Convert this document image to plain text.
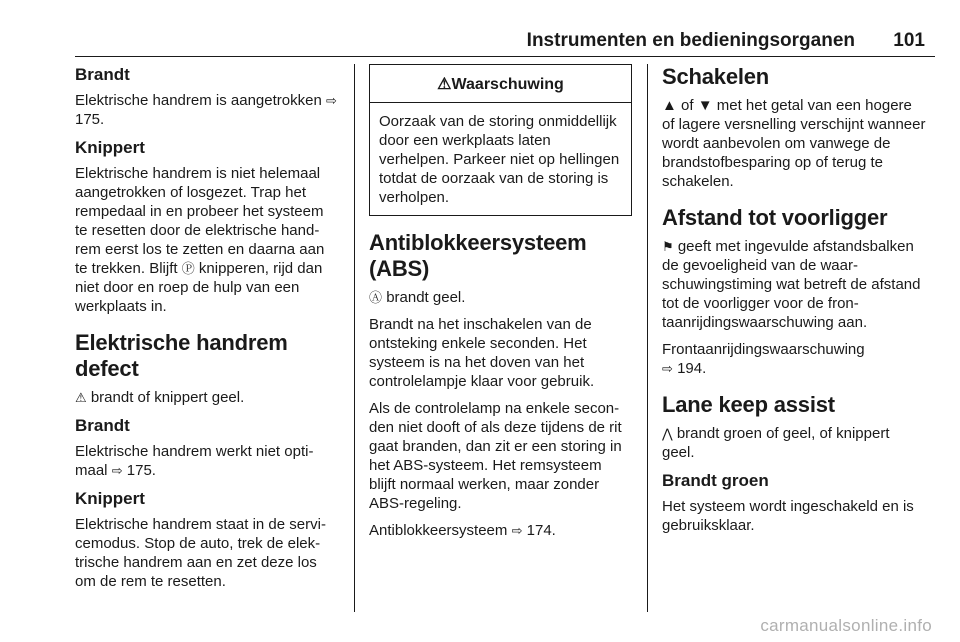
Instrumenten en bedieningsorganen 101
Brandt

Elektrische handrem is aangetrokken ⇨ 175.

Knippert

Elektrische handrem is niet helemaal aangetrokken of losgezet. Trap het rempedaal in en probeer het systeem te resetten door de elektrische handrem eerst los te zetten en daarna aan te trekken. Blijft Ⓟ knipperen, rijd dan niet door en roep de hulp van een werkplaats in.

Elektrische handrem defect

⚠ brandt of knippert geel.

Brandt

Elektrische handrem werkt niet optimaal ⇨ 175.

Knippert

Elektrische handrem staat in de servicemodus. Stop de auto, trek de elektrische handrem aan en zet deze los om de rem te resetten.

⚠Waarschuwing
Oorzaak van de storing onmiddellijk door een werkplaats laten verhelpen. Parkeer niet op hellingen totdat de oorzaak van de storing is verholpen.
Antiblokkeersysteem (ABS)

Ⓐ brandt geel.

Brandt na het inschakelen van de ontsteking enkele seconden. Het systeem is na het doven van het controlelampje klaar voor gebruik.

Als de controlelamp na enkele seconden niet dooft of als deze tijdens de rit gaat branden, dan zit er een storing in het ABS-systeem. Het remsysteem blijft normaal werken, maar zonder ABS-regeling.

Antiblokkeersysteem ⇨ 174.

Schakelen

▲ of ▼ met het getal van een hogere of lagere versnelling verschijnt wanneer wordt aanbevolen om vanwege de brandstofbesparing op of terug te schakelen.

Afstand tot voorligger

⚑ geeft met ingevulde afstandsbalken de gevoeligheid van de waarschuwingstiming wat betreft de afstand tot de voorligger voor de frontaanrijdingswaarschuwing aan.

Frontaanrijdingswaarschuwing
⇨ 194.

Lane keep assist

⋀ brandt groen of geel, of knippert geel.

Brandt groen

Het systeem wordt ingeschakeld en is gebruiksklaar.

carmanualsonline.info
